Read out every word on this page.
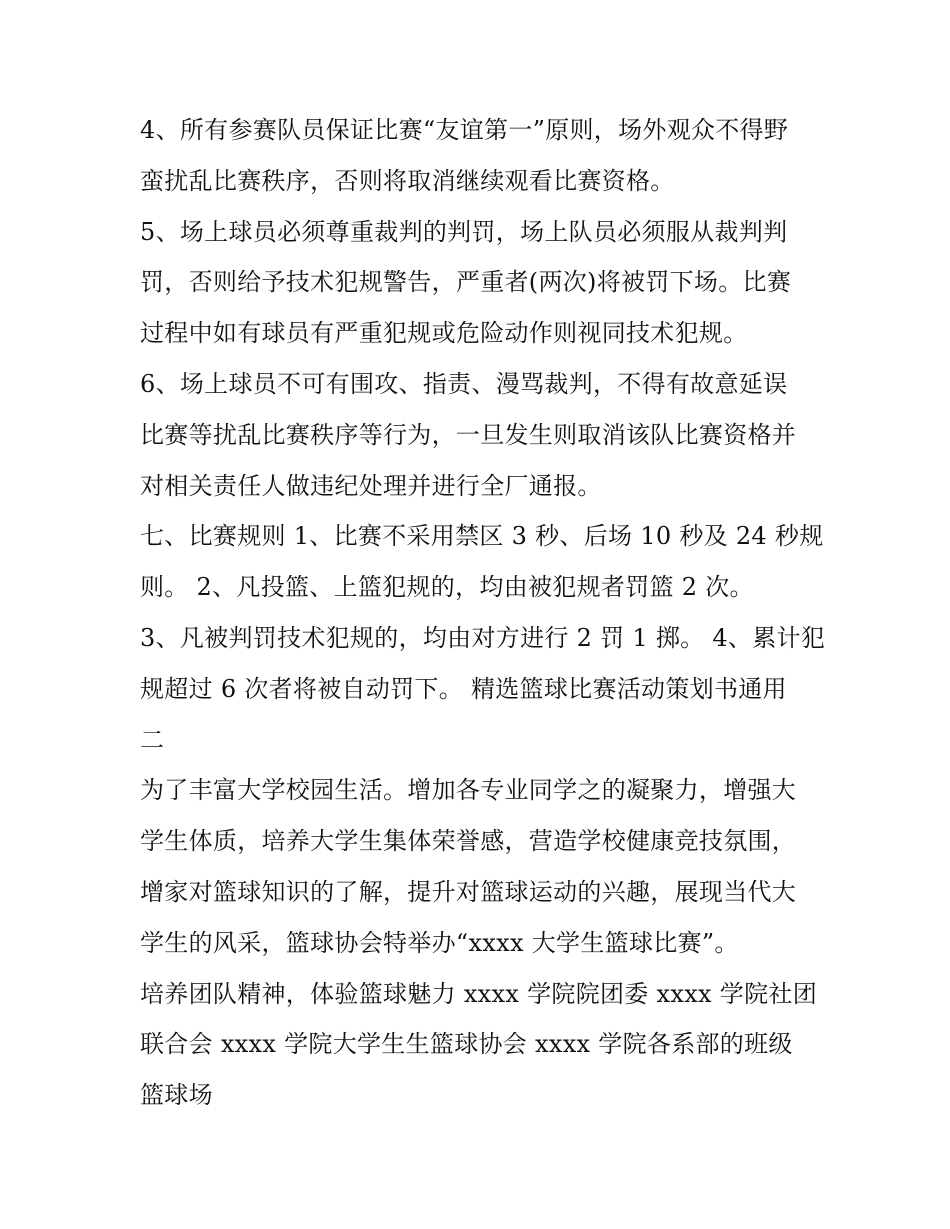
4、所有参赛队员保证比赛“友谊第一”原则，场外观众不得野
蛮扰乱比赛秩序，否则将取消继续观看比赛资格。
5、场上球员必须尊重裁判的判罚，场上队员必须服从裁判判
罚，否则给予技术犯规警告，严重者(两次)将被罚下场。比赛
过程中如有球员有严重犯规或危险动作则视同技术犯规。
6、场上球员不可有围攻、指责、漫骂裁判，不得有故意延误
比赛等扰乱比赛秩序等行为，一旦发生则取消该队比赛资格并
对相关责任人做违纪处理并进行全厂通报。
七、比赛规则 1、比赛不采用禁区 3 秒、后场 10 秒及 24 秒规
则。 2、凡投篮、上篮犯规的，均由被犯规者罚篮 2 次。
3、凡被判罚技术犯规的，均由对方进行 2 罚 1 掷。 4、累计犯
规超过 6 次者将被自动罚下。 精选篮球比赛活动策划书通用
二
为了丰富大学校园生活。增加各专业同学之的凝聚力，增强大
学生体质，培养大学生集体荣誉感，营造学校健康竞技氛围，
增家对篮球知识的了解，提升对篮球运动的兴趣，展现当代大
学生的风采，篮球协会特举办“xxxx 大学生篮球比赛”。
培养团队精神，体验篮球魅力 xxxx 学院院团委 xxxx 学院社团
联合会 xxxx 学院大学生生篮球协会 xxxx 学院各系部的班级
篮球场
